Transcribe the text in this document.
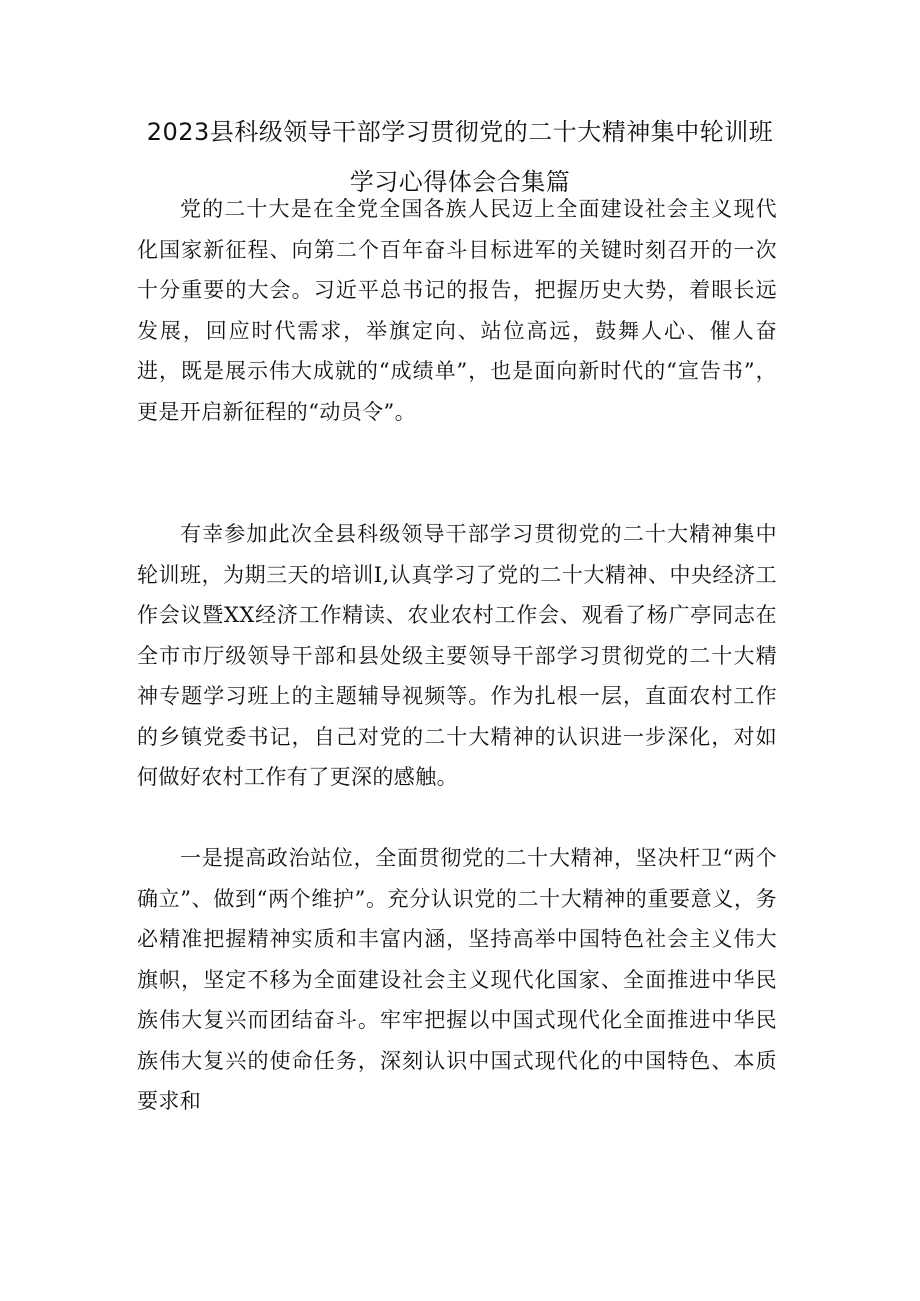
2023县科级领导干部学习贯彻党的二十大精神集中轮训班
学习心得体会合集篇

党的二十大是在全党全国各族人民迈上全面建设社会主义现代化国家新征程、向第二个百年奋斗目标进军的关键时刻召开的一次十分重要的大会。习近平总书记的报告，把握历史大势，着眼长远发展，回应时代需求，举旗定向、站位高远，鼓舞人心、催人奋进，既是展示伟大成就的“成绩单”，也是面向新时代的“宣告书”，更是开启新征程的“动员令”。

有幸参加此次全县科级领导干部学习贯彻党的二十大精神集中轮训班，为期三天的培训I,认真学习了党的二十大精神、中央经济工作会议暨XX经济工作精读、农业农村工作会、观看了杨广亭同志在全市市厅级领导干部和县处级主要领导干部学习贯彻党的二十大精神专题学习班上的主题辅导视频等。作为扎根一层，直面农村工作的乡镇党委书记，自己对党的二十大精神的认识进一步深化，对如何做好农村工作有了更深的感触。

一是提高政治站位，全面贯彻党的二十大精神，坚决杆卫“两个确立”、做到“两个维护”。充分认识党的二十大精神的重要意义，务必精准把握精神实质和丰富内涵，坚持高举中国特色社会主义伟大旗帜，坚定不移为全面建设社会主义现代化国家、全面推进中华民族伟大复兴而团结奋斗。牢牢把握以中国式现代化全面推进中华民族伟大复兴的使命任务，深刻认识中国式现代化的中国特色、本质要求和
